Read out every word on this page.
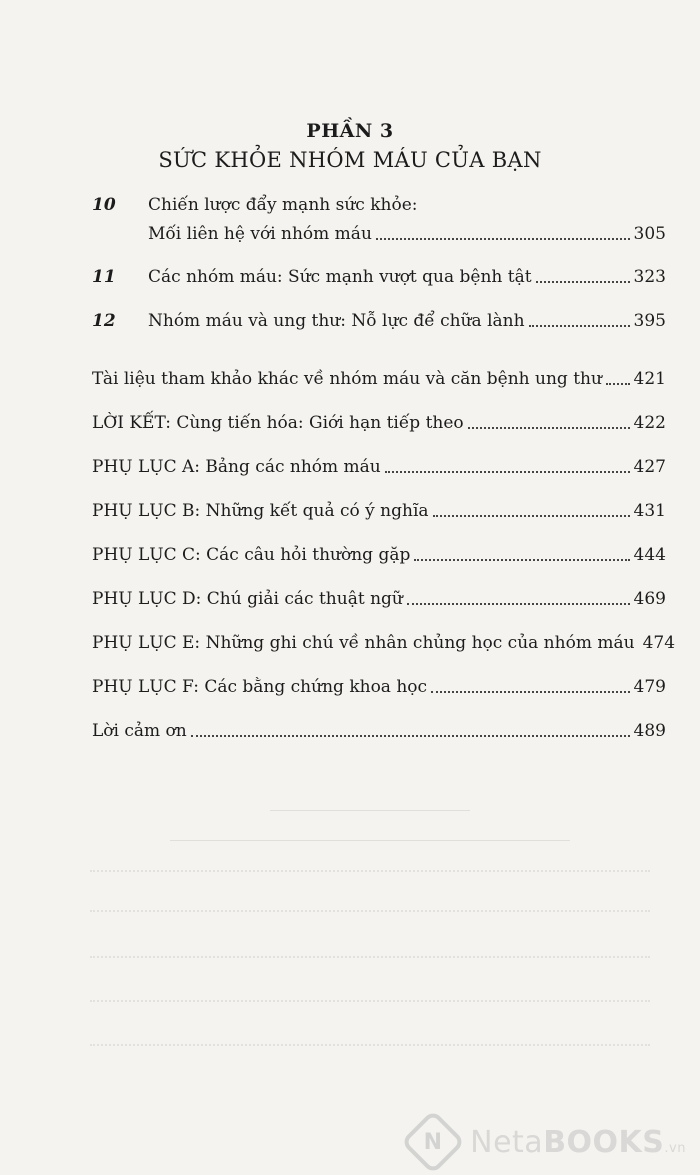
PHẦN 3
SỨC KHỎE NHÓM MÁU CỦA BẠN
10	Chiến lược đẩy mạnh sức khỏe:
Mối liên hệ với nhóm máu	305
11	Các nhóm máu: Sức mạnh vượt qua bệnh tật	323
12	Nhóm máu và ung thư: Nỗ lực để chữa lành	395
Tài liệu tham khảo khác về nhóm máu và căn bệnh ung thư 421
LỜI KẾT: Cùng tiến hóa: Giới hạn tiếp theo	422
PHỤ LỤC A: Bảng các nhóm máu	427
PHỤ LỤC B: Những kết quả có ý nghĩa	431
PHỤ LỤC C: Các câu hỏi thường gặp	444
PHỤ LỤC D: Chú giải các thuật ngữ	469
PHỤ LỤC E: Những ghi chú về nhân chủng học của nhóm máu 474
PHỤ LỤC F: Các bằng chứng khoa học	479
Lời cảm ơn	489
N NetaBOOKS.vn
